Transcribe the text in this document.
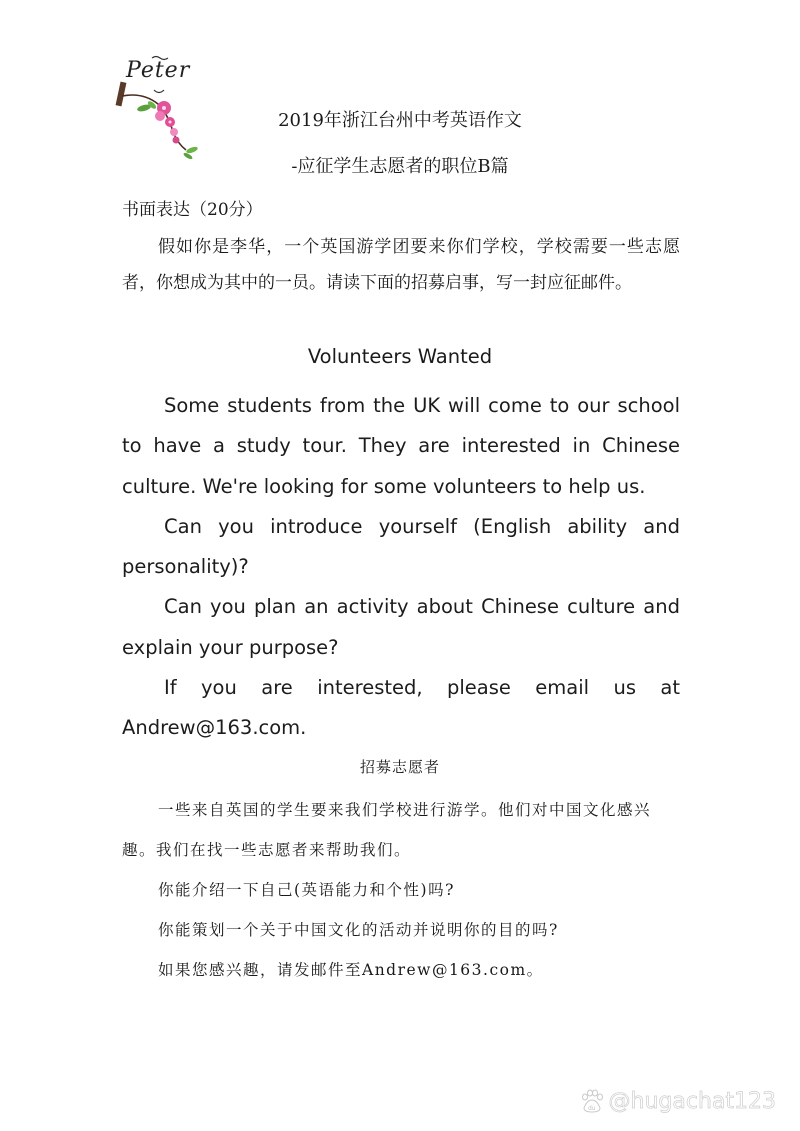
Peter
2019年浙江台州中考英语作文
-应征学生志愿者的职位B篇
书面表达（20分）
假如你是李华，一个英国游学团要来你们学校，学校需要一些志愿者，你想成为其中的一员。请读下面的招募启事，写一封应征邮件。
Volunteers Wanted

Some students from the UK will come to our school to have a study tour. They are interested in Chinese culture. We're looking for some volunteers to help us.

Can you introduce yourself (English ability and personality)?

Can you plan an activity about Chinese culture and explain your purpose?

If you are interested, please email us at Andrew@163.com.

招募志愿者

一些来自英国的学生要来我们学校进行游学。他们对中国文化感兴趣。我们在找一些志愿者来帮助我们。

你能介绍一下自己(英语能力和个性)吗?

你能策划一个关于中国文化的活动并说明你的目的吗?

如果您感兴趣，请发邮件至Andrew@163.com。

du @hugachat123
